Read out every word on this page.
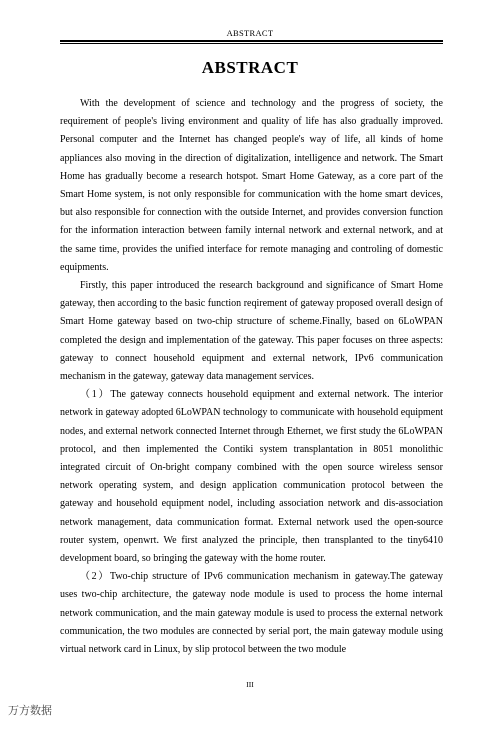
ABSTRACT
ABSTRACT

With the development of science and technology and the progress of society, the requirement of people's living environment and quality of life has also gradually improved. Personal computer and the Internet has changed people's way of life, all kinds of home appliances also moving in the direction of digitalization, intelligence and network. The Smart Home has gradually become a research hotspot. Smart Home Gateway, as a core part of the Smart Home system, is not only responsible for communication with the home smart devices, but also responsible for connection with the outside Internet, and provides conversion function for the information interaction between family internal network and external network, and at the same time, provides the unified interface for remote managing and controling of domestic equipments.

Firstly, this paper introduced the research background and significance of Smart Home gateway, then according to the basic function reqirement of gateway proposed overall design of Smart Home gateway based on two-chip structure of scheme.Finally, based on 6LoWPAN completed the design and implementation of the gateway. This paper focuses on three aspects: gateway to connect household equipment and external network, IPv6 communication mechanism in the gateway, gateway data management services.

（1）The gateway connects household equipment and external network. The interior network in gateway adopted 6LoWPAN technology to communicate with household equipment nodes, and external network connected Internet through Ethernet, we first study the 6LoWPAN protocol, and then implemented the Contiki system transplantation in 8051 monolithic integrated circuit of On-bright company combined with the open source wireless sensor network operating system, and design application communication protocol between the gateway and household equipment nodel, including association network and dis-association network management, data communication format. External network used the open-source router system, openwrt. We first analyzed the principle, then transplanted to the tiny6410 development board, so bringing the gateway with the home router.

（2）Two-chip structure of IPv6 communication mechanism in gateway.The gateway uses two-chip architecture, the gateway node module is used to process the home internal network communication, and the main gateway module is used to process the external network communication, the two modules are connected by serial port, the main gateway module using virtual network card in Linux, by slip protocol between the two module

III
万方数据
